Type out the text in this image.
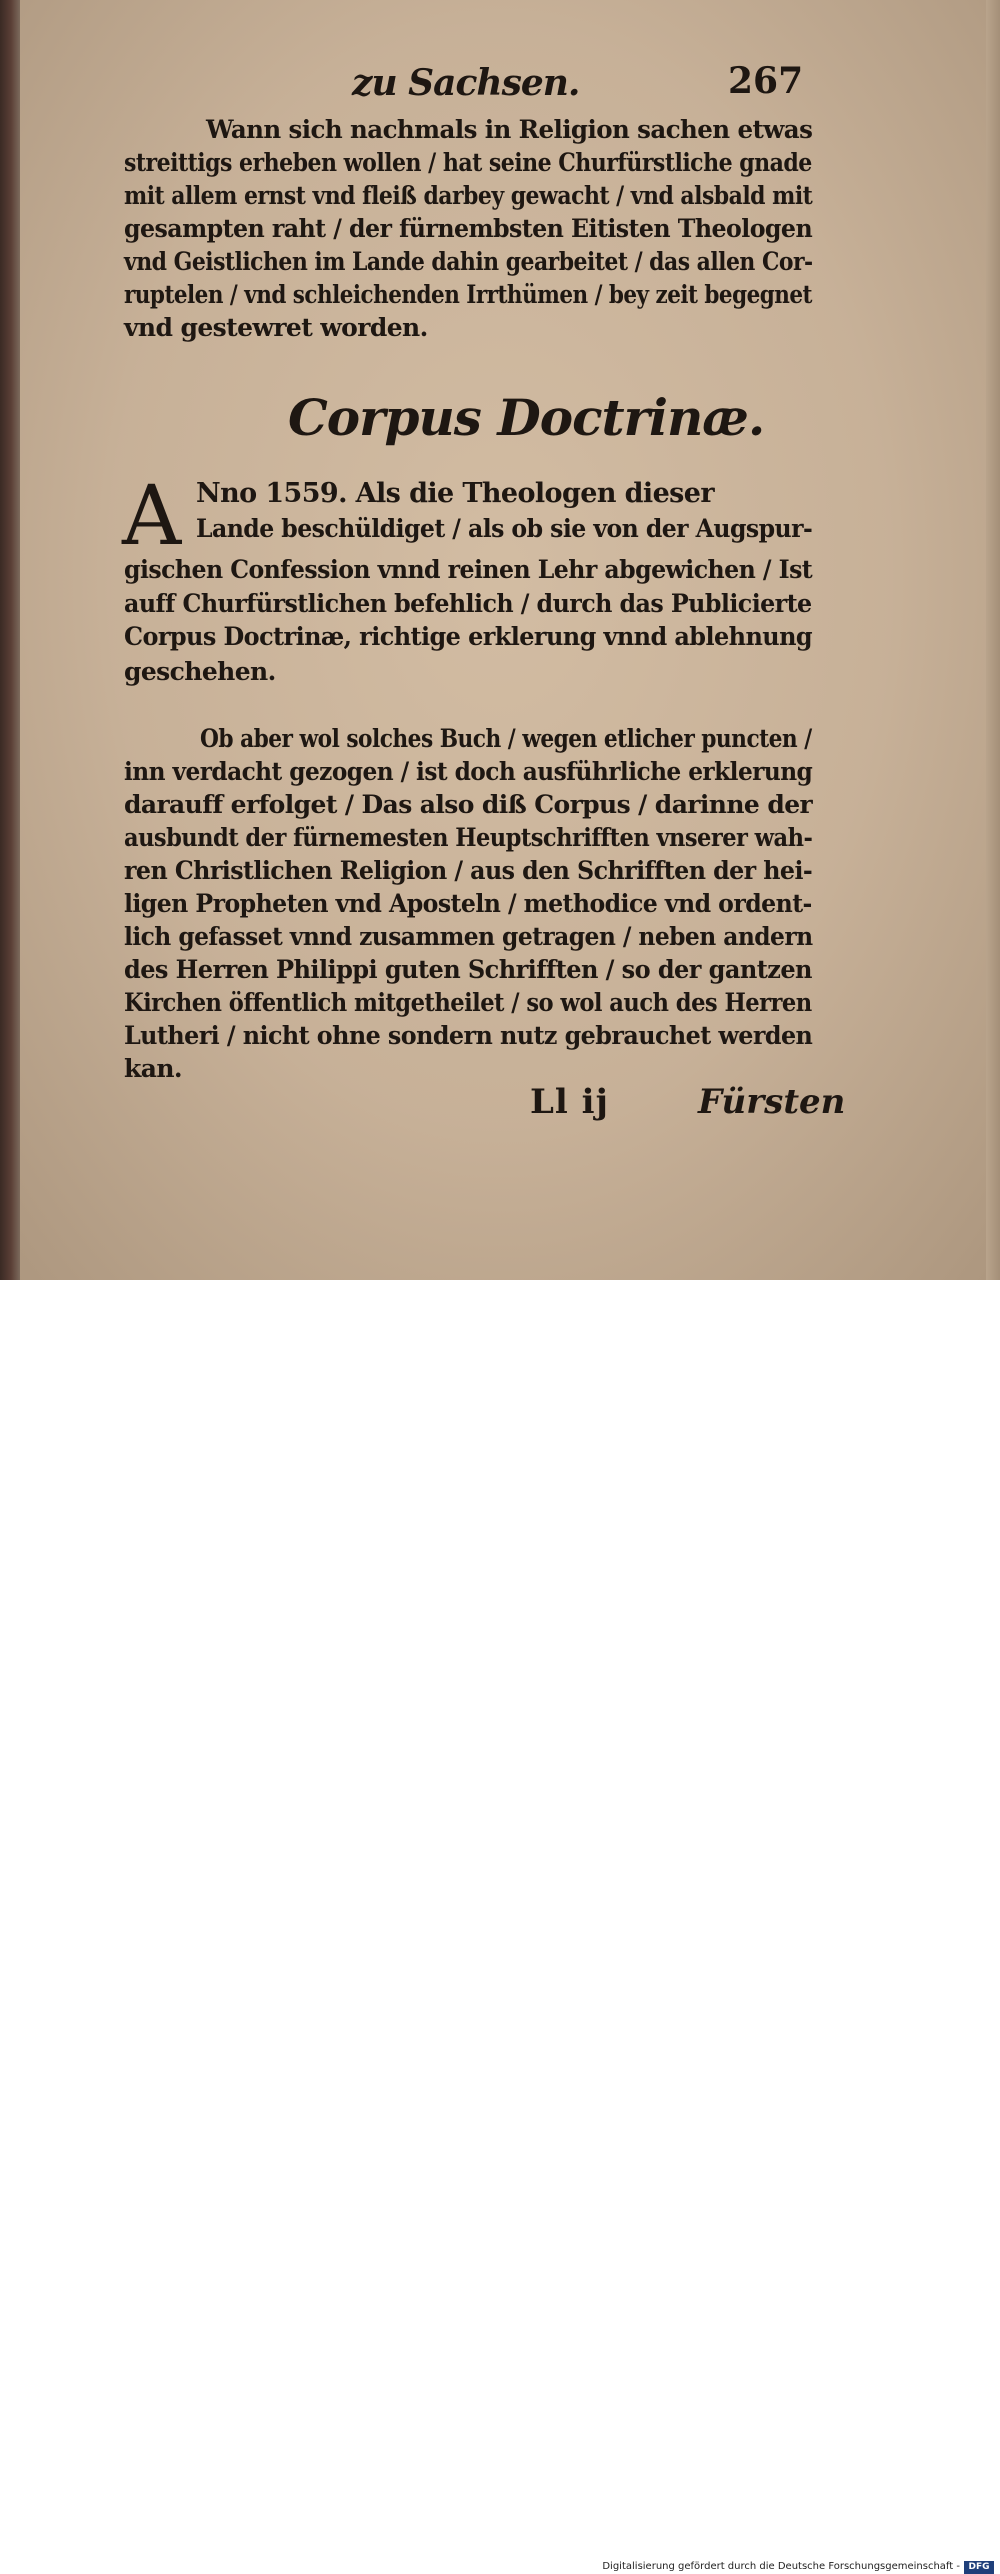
zu Sachsen.	267
Wann sich nachmals in Religion sachen etwas
streittigs erheben wollen / hat seine Churfürstliche gnade
mit allem ernst vnd fleiß darbey gewacht / vnd alsbald mit
gesampten raht / der fürnembsten Eitisten Theologen
vnd Geistlichen im Lande dahin gearbeitet / das allen Cor-
ruptelen / vnd schleichenden Irrthümen / bey zeit begegnet
vnd gestewret worden.
Corpus Doctrinæ.
A Nno 1559. Als die Theologen dieser
Lande beschüldiget / als ob sie von der Augspur-
gischen Confession vnnd reinen Lehr abgewichen / Ist
auff Churfürstlichen befehlich / durch das Publicierte
Corpus Doctrinæ, richtige erklerung vnnd ablehnung
geschehen.
Ob aber wol solches Buch / wegen etlicher puncten /
inn verdacht gezogen / ist doch ausführliche erklerung
darauff erfolget / Das also diß Corpus / darinne der
ausbundt der fürnemesten Heuptschrifften vnserer wah-
ren Christlichen Religion / aus den Schrifften der hei-
ligen Propheten vnd Aposteln / methodice vnd ordent-
lich gefasset vnnd zusammen getragen / neben andern
des Herren Philippi guten Schrifften / so der gantzen
Kirchen öffentlich mitgetheilet / so wol auch des Herren
Lutheri / nicht ohne sondern nutz gebrauchet werden
kan.
Ll ij	Fürsten
Digitalisierung gefördert durch die Deutsche Forschungsgemeinschaft - DFG
